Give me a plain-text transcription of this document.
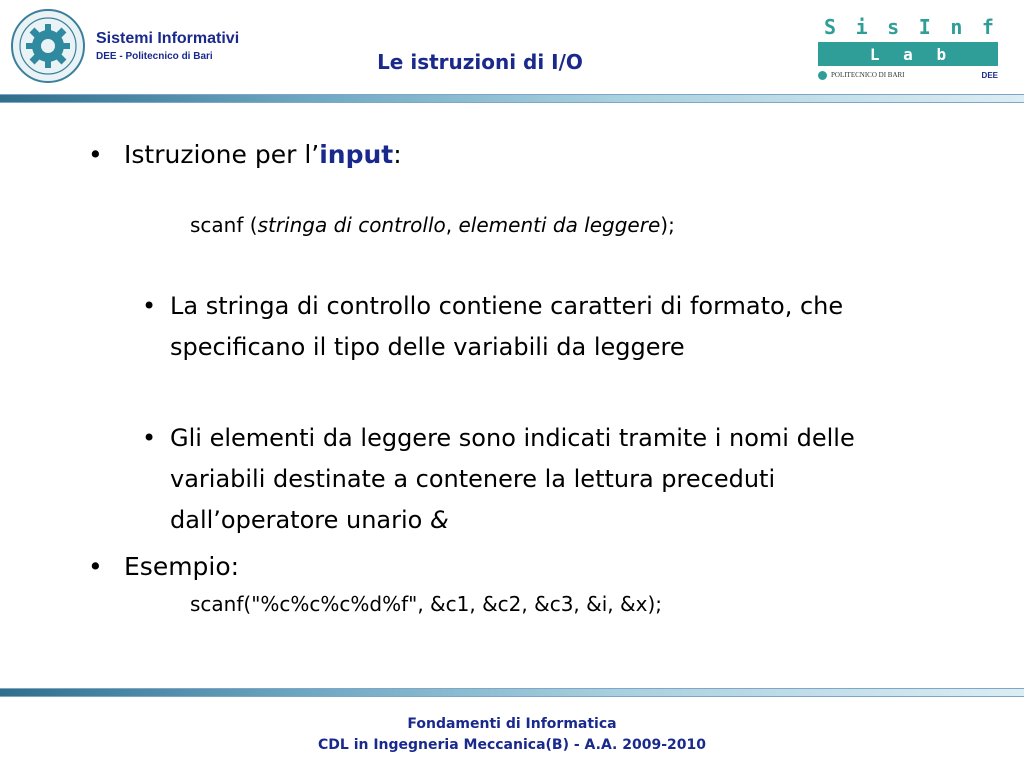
Sistemi Informativi
DEE - Politecnico di Bari	Le istruzioni di I/O
S i s I n f
L a b
POLITECNICO DI BARI	DEE
• Istruzione per l’input:
scanf (stringa di controllo, elementi da leggere);
• La stringa di controllo contiene caratteri di formato, che specificano il tipo delle variabili da leggere
• Gli elementi da leggere sono indicati tramite i nomi delle variabili destinate a contenere la lettura preceduti dall’operatore unario &
• Esempio:
scanf("%c%c%c%d%f", &c1, &c2, &c3, &i, &x);
Fondamenti di Informatica
CDL in Ingegneria Meccanica(B) - A.A. 2009-2010
